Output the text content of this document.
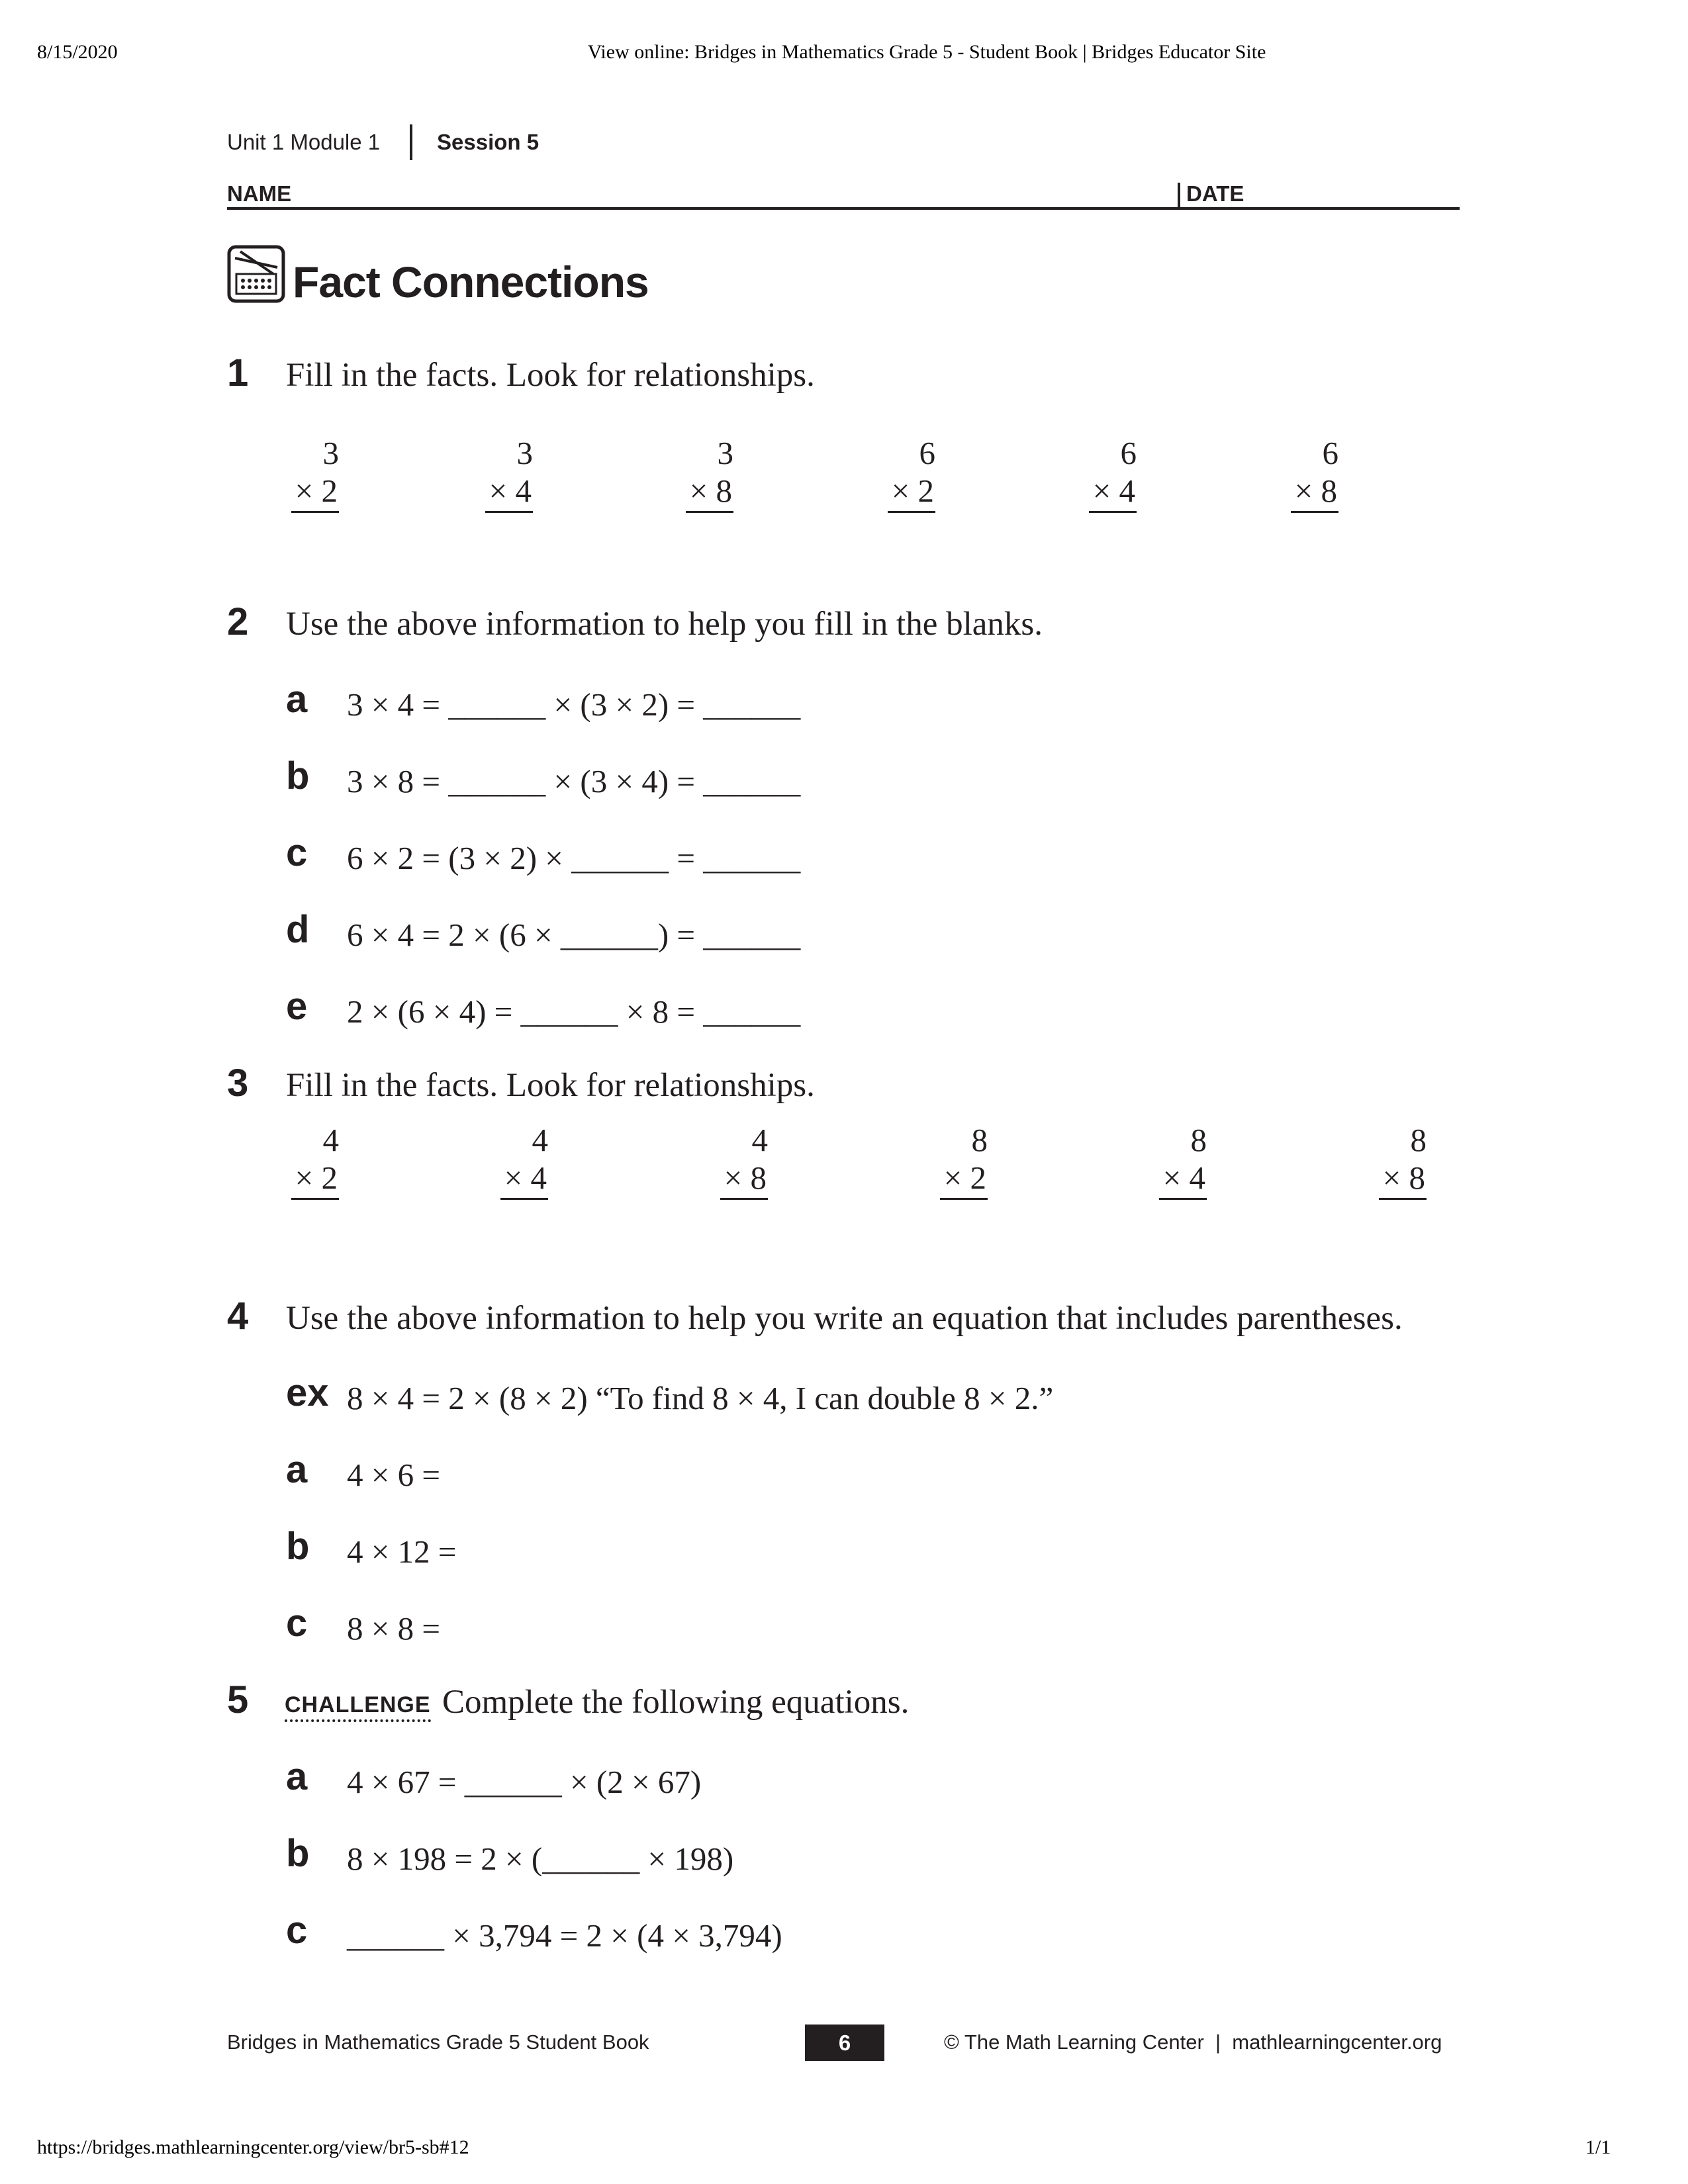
8/15/2020	View online: Bridges in Mathematics Grade 5 - Student Book | Bridges Educator Site
Unit 1 Module 1	Session 5
NAME	DATE
Fact Connections
1 Fill in the facts. Look for relationships.
3
× 2
3
× 4
3
× 8
6
× 2
6
× 4
6
× 8
2 Use the above information to help you fill in the blanks.
a 3 × 4 = ______ × (3 × 2) = ______
b 3 × 8 = ______ × (3 × 4) = ______
c 6 × 2 = (3 × 2) × ______ = ______
d 6 × 4 = 2 × (6 × ______) = ______
e 2 × (6 × 4) = ______ × 8 = ______
3 Fill in the facts. Look for relationships.
4
× 2
4
× 4
4
× 8
8
× 2
8
× 4
8
× 8
4 Use the above information to help you write an equation that includes parentheses.
ex 8 × 4 = 2 × (8 × 2) “To find 8 × 4, I can double 8 × 2.”
a 4 × 6 =
b 4 × 12 =
c 8 × 8 =
5 CHALLENGE Complete the following equations.
a 4 × 67 = ______ × (2 × 67)
b 8 × 198 = 2 × (______ × 198)
c ______ × 3,794 = 2 × (4 × 3,794)
Bridges in Mathematics Grade 5 Student Book	6	© The Math Learning Center  |  mathlearningcenter.org
https://bridges.mathlearningcenter.org/view/br5-sb#12	1/1
